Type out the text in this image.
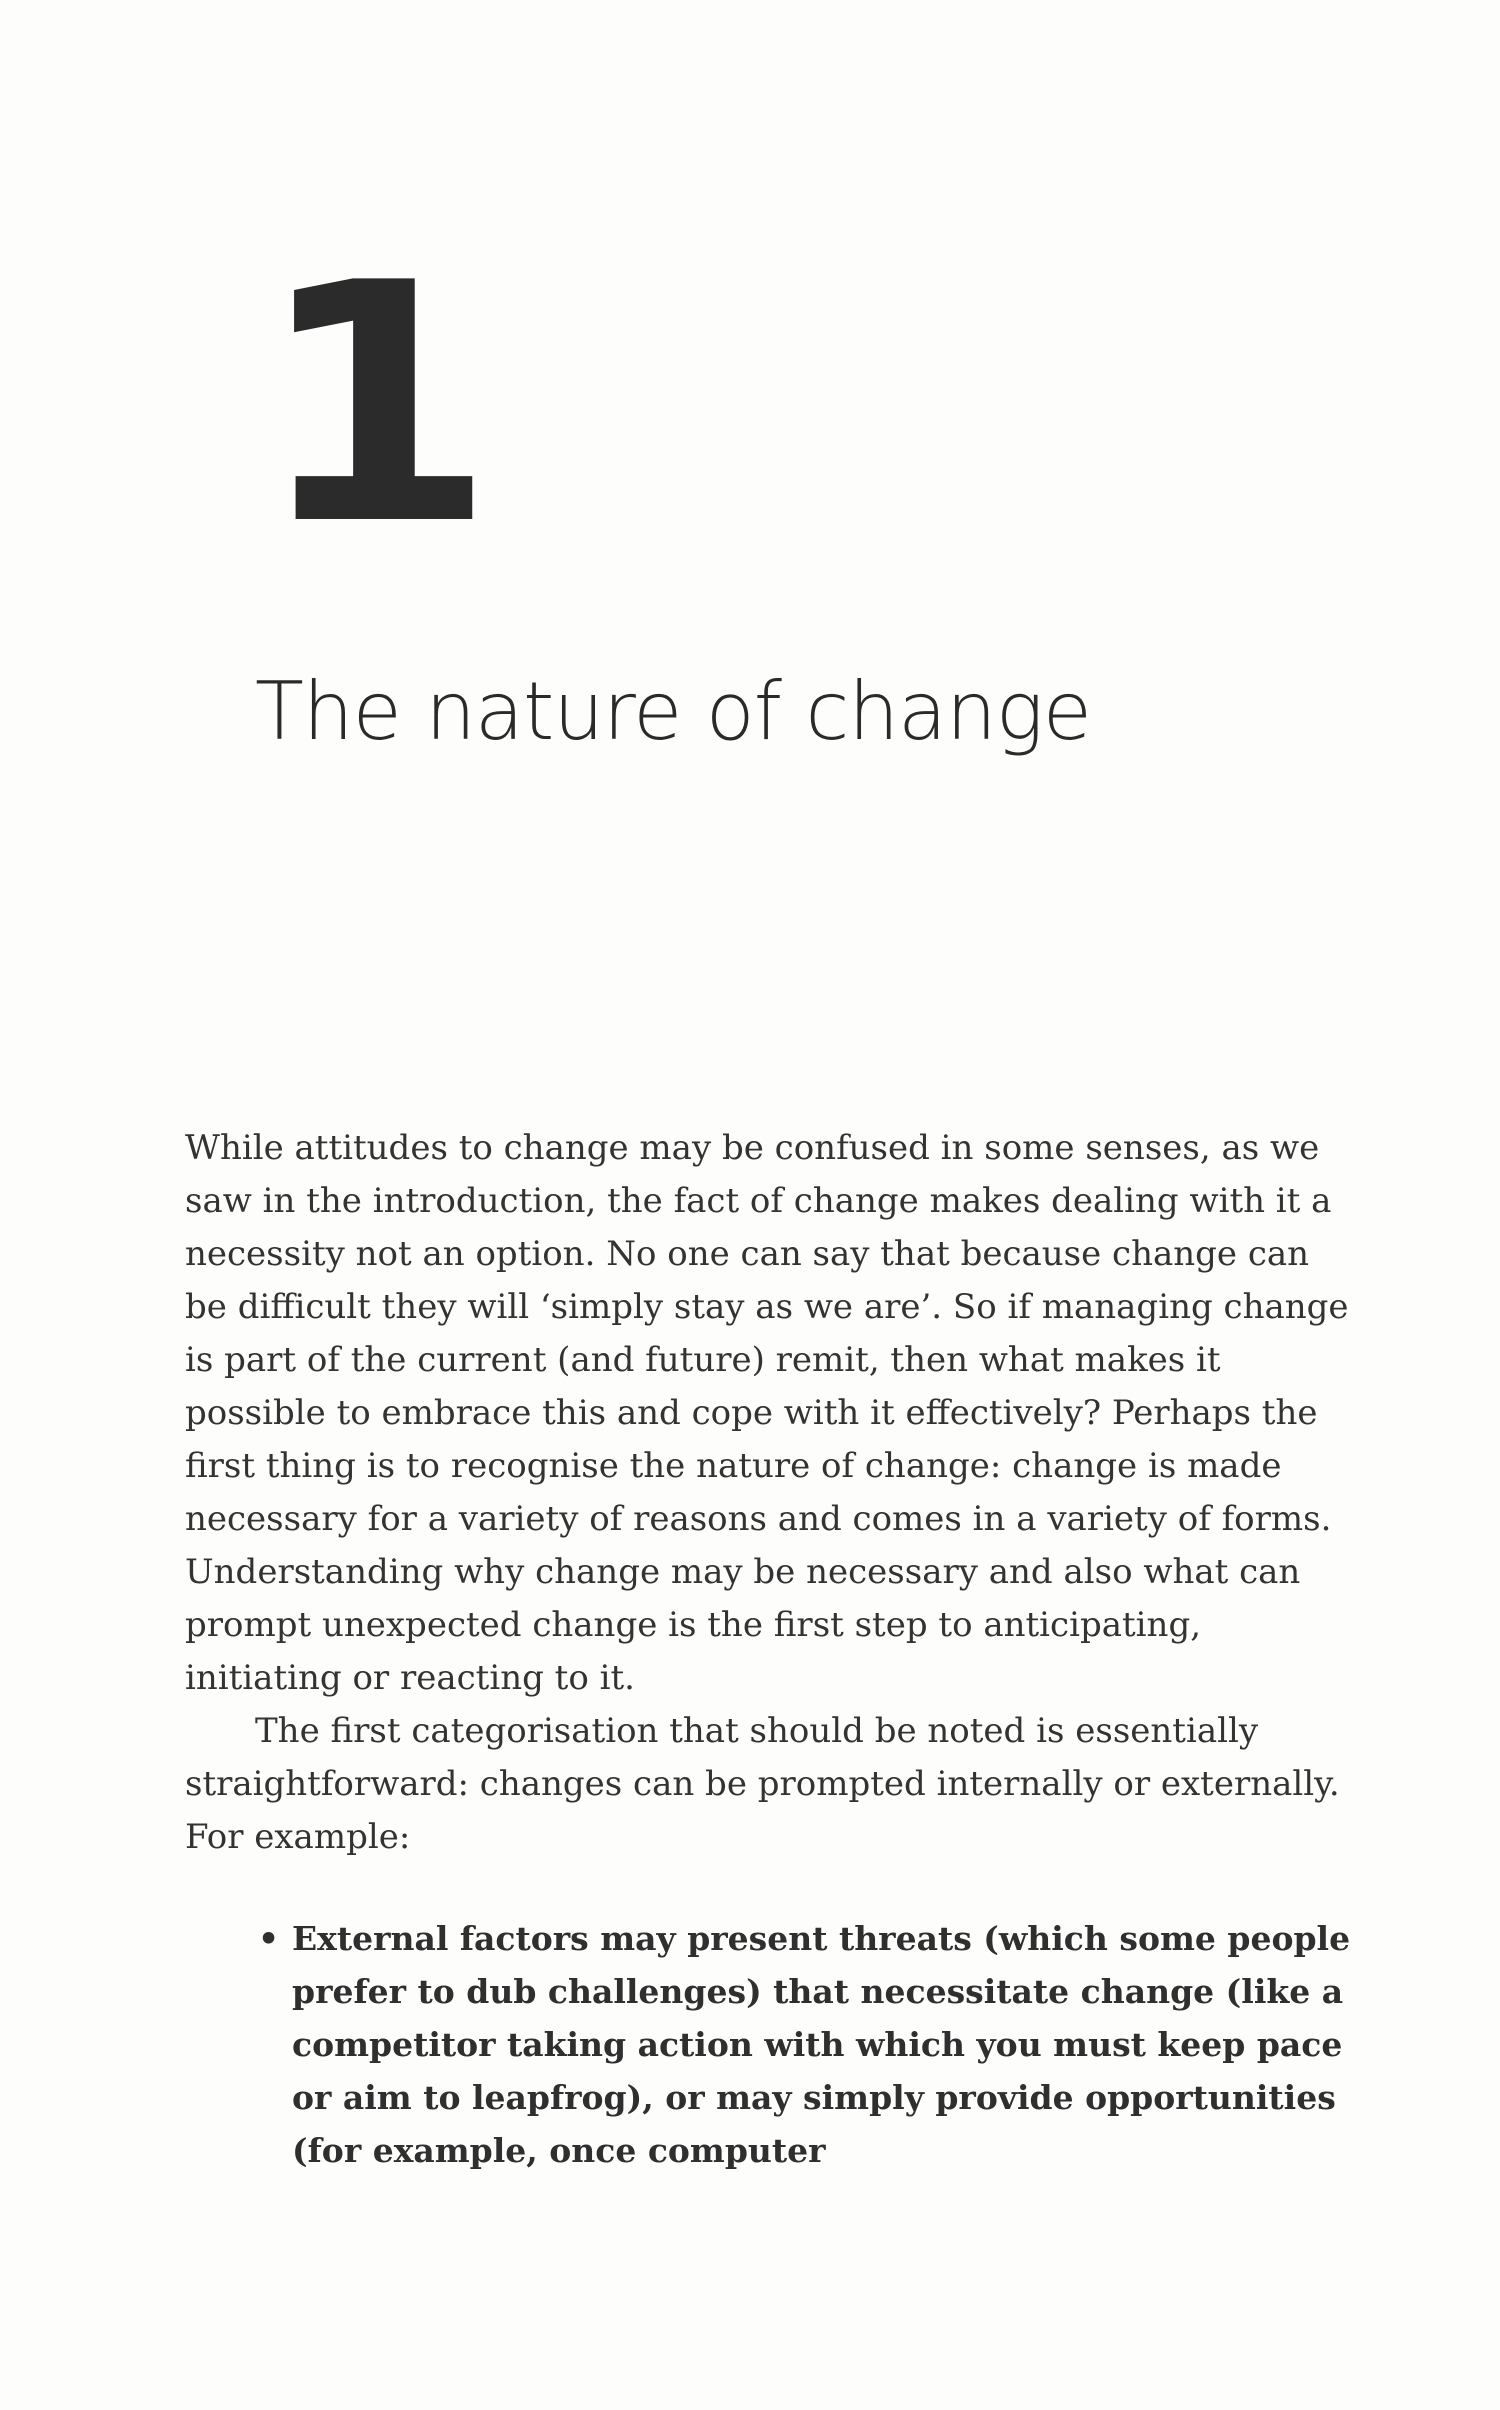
1
The nature of change

While attitudes to change may be confused in some senses, as we saw in the introduction, the fact of change makes dealing with it a necessity not an option. No one can say that because change can be difficult they will ‘simply stay as we are’. So if managing change is part of the current (and future) remit, then what makes it possible to embrace this and cope with it effectively? Perhaps the first thing is to recognise the nature of change: change is made necessary for a variety of reasons and comes in a variety of forms. Understanding why change may be necessary and also what can prompt unexpected change is the first step to anticipating, initiating or reacting to it.

The first categorisation that should be noted is essentially straightforward: changes can be prompted internally or externally. For example:

• External factors may present threats (which some people prefer to dub challenges) that necessitate change (like a competitor taking action with which you must keep pace or aim to leapfrog), or may simply provide opportunities (for example, once computer
